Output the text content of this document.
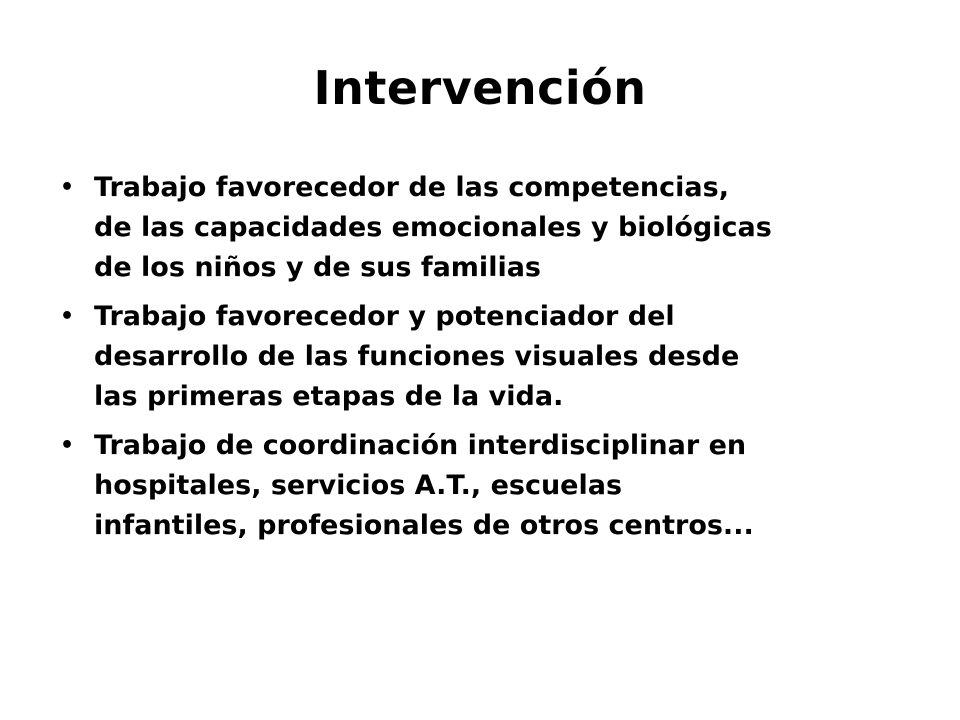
Intervención
• Trabajo favorecedor de las competencias,
de las capacidades emocionales y biológicas
de los niños y de sus familias
• Trabajo favorecedor y potenciador del
desarrollo de las funciones visuales desde
las primeras etapas de la vida.
• Trabajo de coordinación interdisciplinar en
hospitales, servicios A.T., escuelas
infantiles, profesionales de otros centros...
